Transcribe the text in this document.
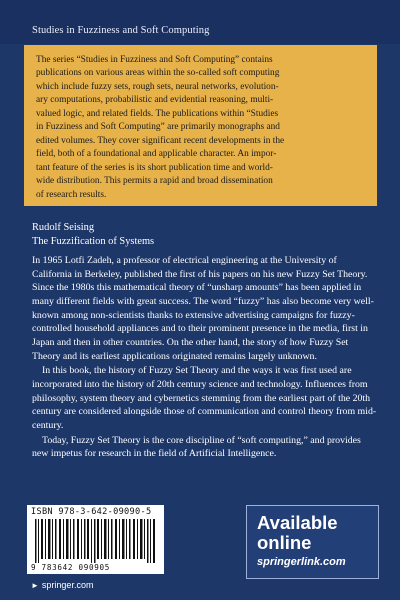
Studies in Fuzziness and Soft Computing
The series “Studies in Fuzziness and Soft Computing” contains
publications on various areas within the so-called soft computing
which include fuzzy sets, rough sets, neural networks, evolution-
ary computations, probabilistic and evidential reasoning, multi-
valued logic, and related fields. The publications within “Studies
in Fuzziness and Soft Computing” are primarily monographs and
edited volumes. They cover significant recent developments in the
field, both of a foundational and applicable character. An impor-
tant feature of the series is its short publication time and world-
wide distribution. This permits a rapid and broad dissemination
of research results.
Rudolf Seising
The Fuzzification of Systems

In 1965 Lotfi Zadeh, a professor of electrical engineering at the University of California in Berkeley, published the first of his papers on his new Fuzzy Set Theory. Since the 1980s this mathematical theory of “unsharp amounts” has been applied in many different fields with great success. The word “fuzzy” has also become very well-known among non-scientists thanks to extensive advertising campaigns for fuzzy-controlled household appliances and to their prominent presence in the media, first in Japan and then in other countries. On the other hand, the story of how Fuzzy Set Theory and its earliest applications originated remains largely unknown.

In this book, the history of Fuzzy Set Theory and the ways it was first used are incorporated into the history of 20th century science and technology. Influences from philosophy, system theory and cybernetics stemming from the earliest part of the 20th century are considered alongside those of communication and control theory from mid-century.

Today, Fuzzy Set Theory is the core discipline of “soft computing,” and provides new impetus for research in the field of Artificial Intelligence.

ISBN 978-3-642-09090-5
9 783642 090905
► springer.com
Available
online
springerlink.com
